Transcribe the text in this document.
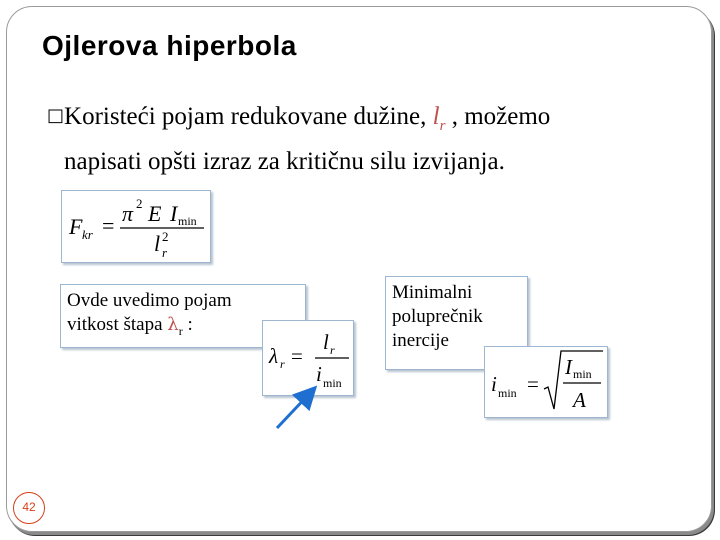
Ojlerova hiperbola
□Koristeći pojam redukovane dužine, $l_r$ , možemo
napisati opšti izraz za kritičnu silu izvijanja.
F kr = π 2 E I min
l 2
r
Ovde uvedimo pojam
vitkost štapa $\lambda_r$ :
λ r =
l r
i min
Minimalni
poluprečnik
inercije
i min =
I min
A
42
